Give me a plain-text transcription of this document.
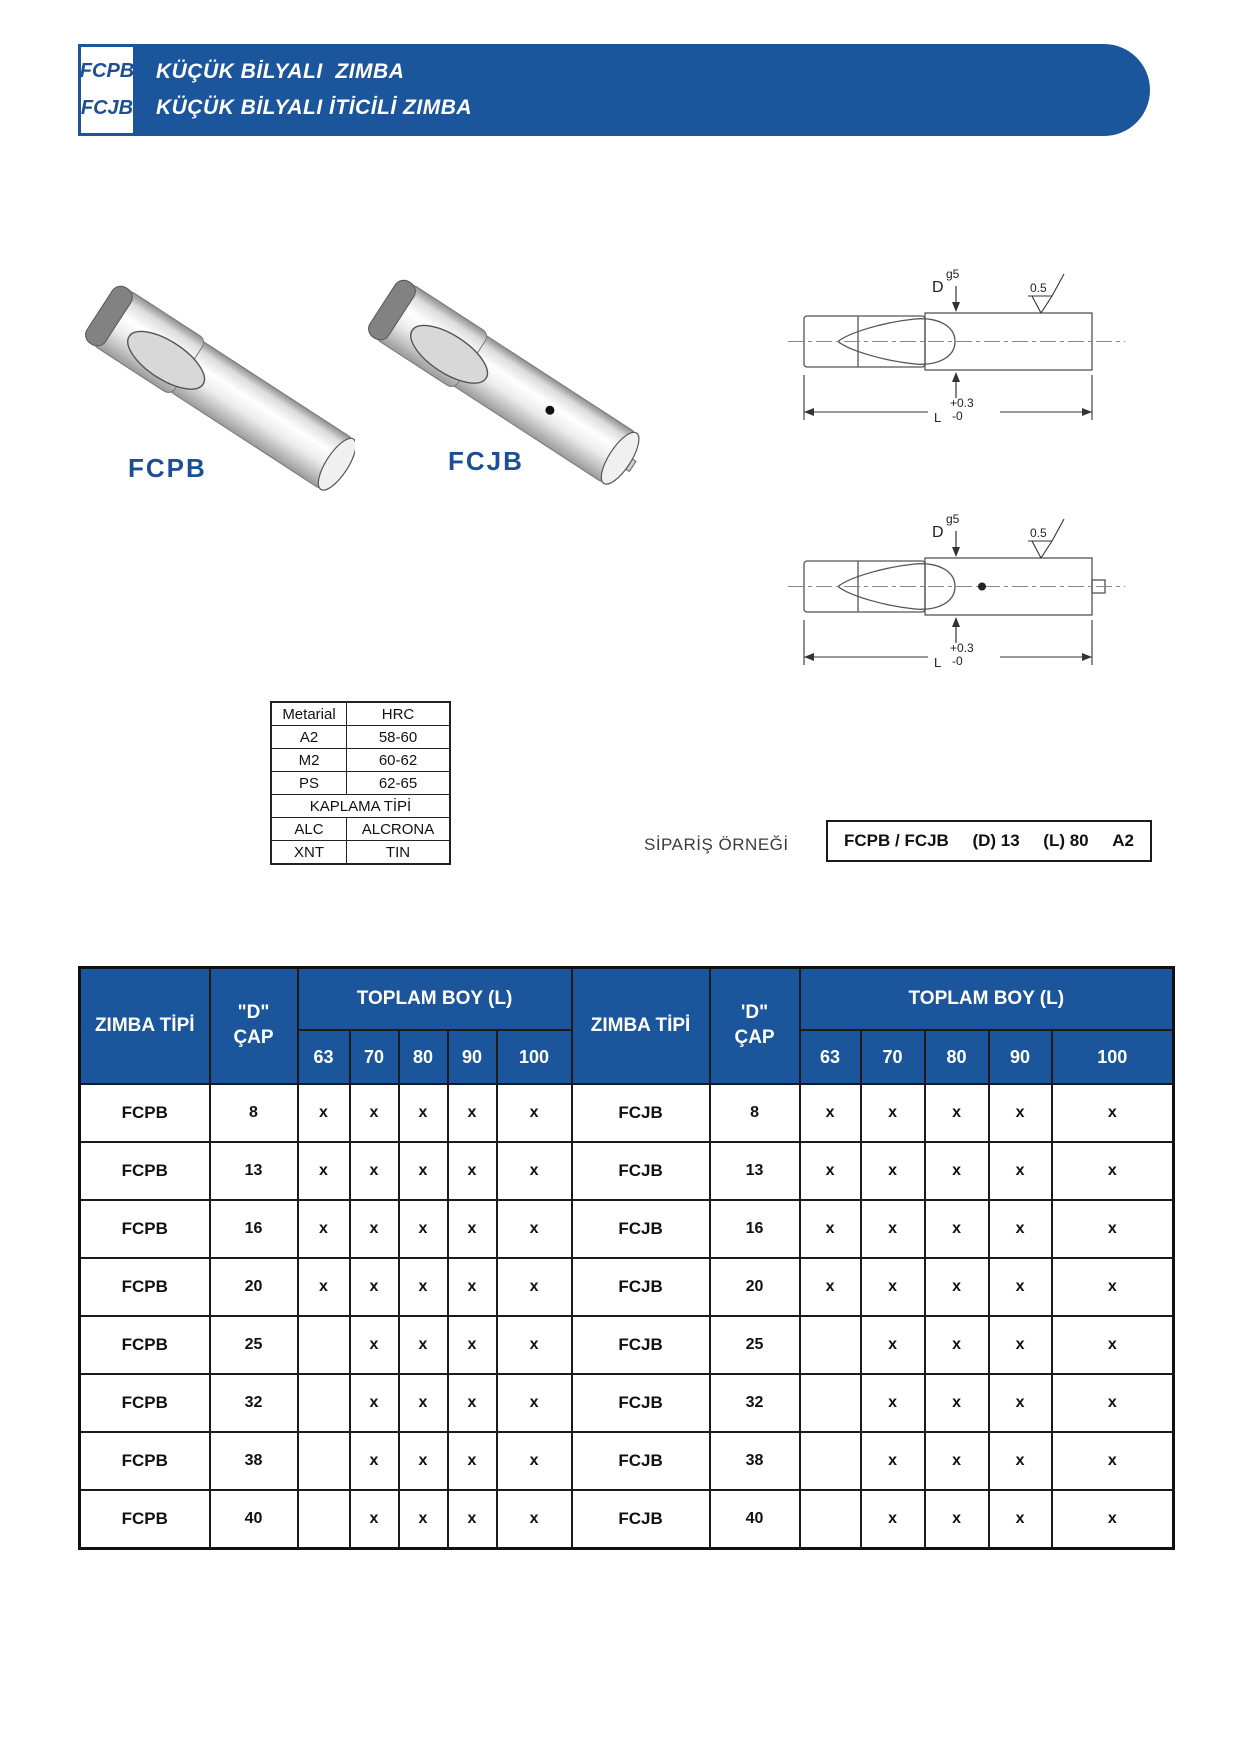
FCPB
FCJB
KÜÇÜK BİLYALI  ZIMBA
KÜÇÜK BİLYALI İTİCİLİ ZIMBA
FCPB	FCJB
D
g5
0.5
+0.3
-0
L
D
g5
0.5
+0.3
-0
L
Metarial	HRC
A2	58-60
M2	60-62
PS	62-65
KAPLAMA TİPİ	
ALC	ALCRONA
XNT	TIN	SİPARİŞ ÖRNEĞİ	FCPB / FCJB (D) 13 (L) 80 A2
ZIMBA TİPİ	
"D"
ÇAP
	TOPLAM BOY (L)	ZIMBA TİPİ	
'D"
ÇAP
	TOPLAM BOY (L)
		63	70	80	90	100			63	70	80	90	100
FCPB	8	x	x	x	x	x	FCJB	8	x	x	x	x	x
FCPB	13	x	x	x	x	x	FCJB	13	x	x	x	x	x
FCPB	16	x	x	x	x	x	FCJB	16	x	x	x	x	x
FCPB	20	x	x	x	x	x	FCJB	20	x	x	x	x	x
FCPB	25		x	x	x	x	FCJB	25		x	x	x	x
FCPB	32		x	x	x	x	FCJB	32		x	x	x	x
FCPB	38		x	x	x	x	FCJB	38		x	x	x	x
FCPB	40		x	x	x	x	FCJB	40		x	x	x	x
